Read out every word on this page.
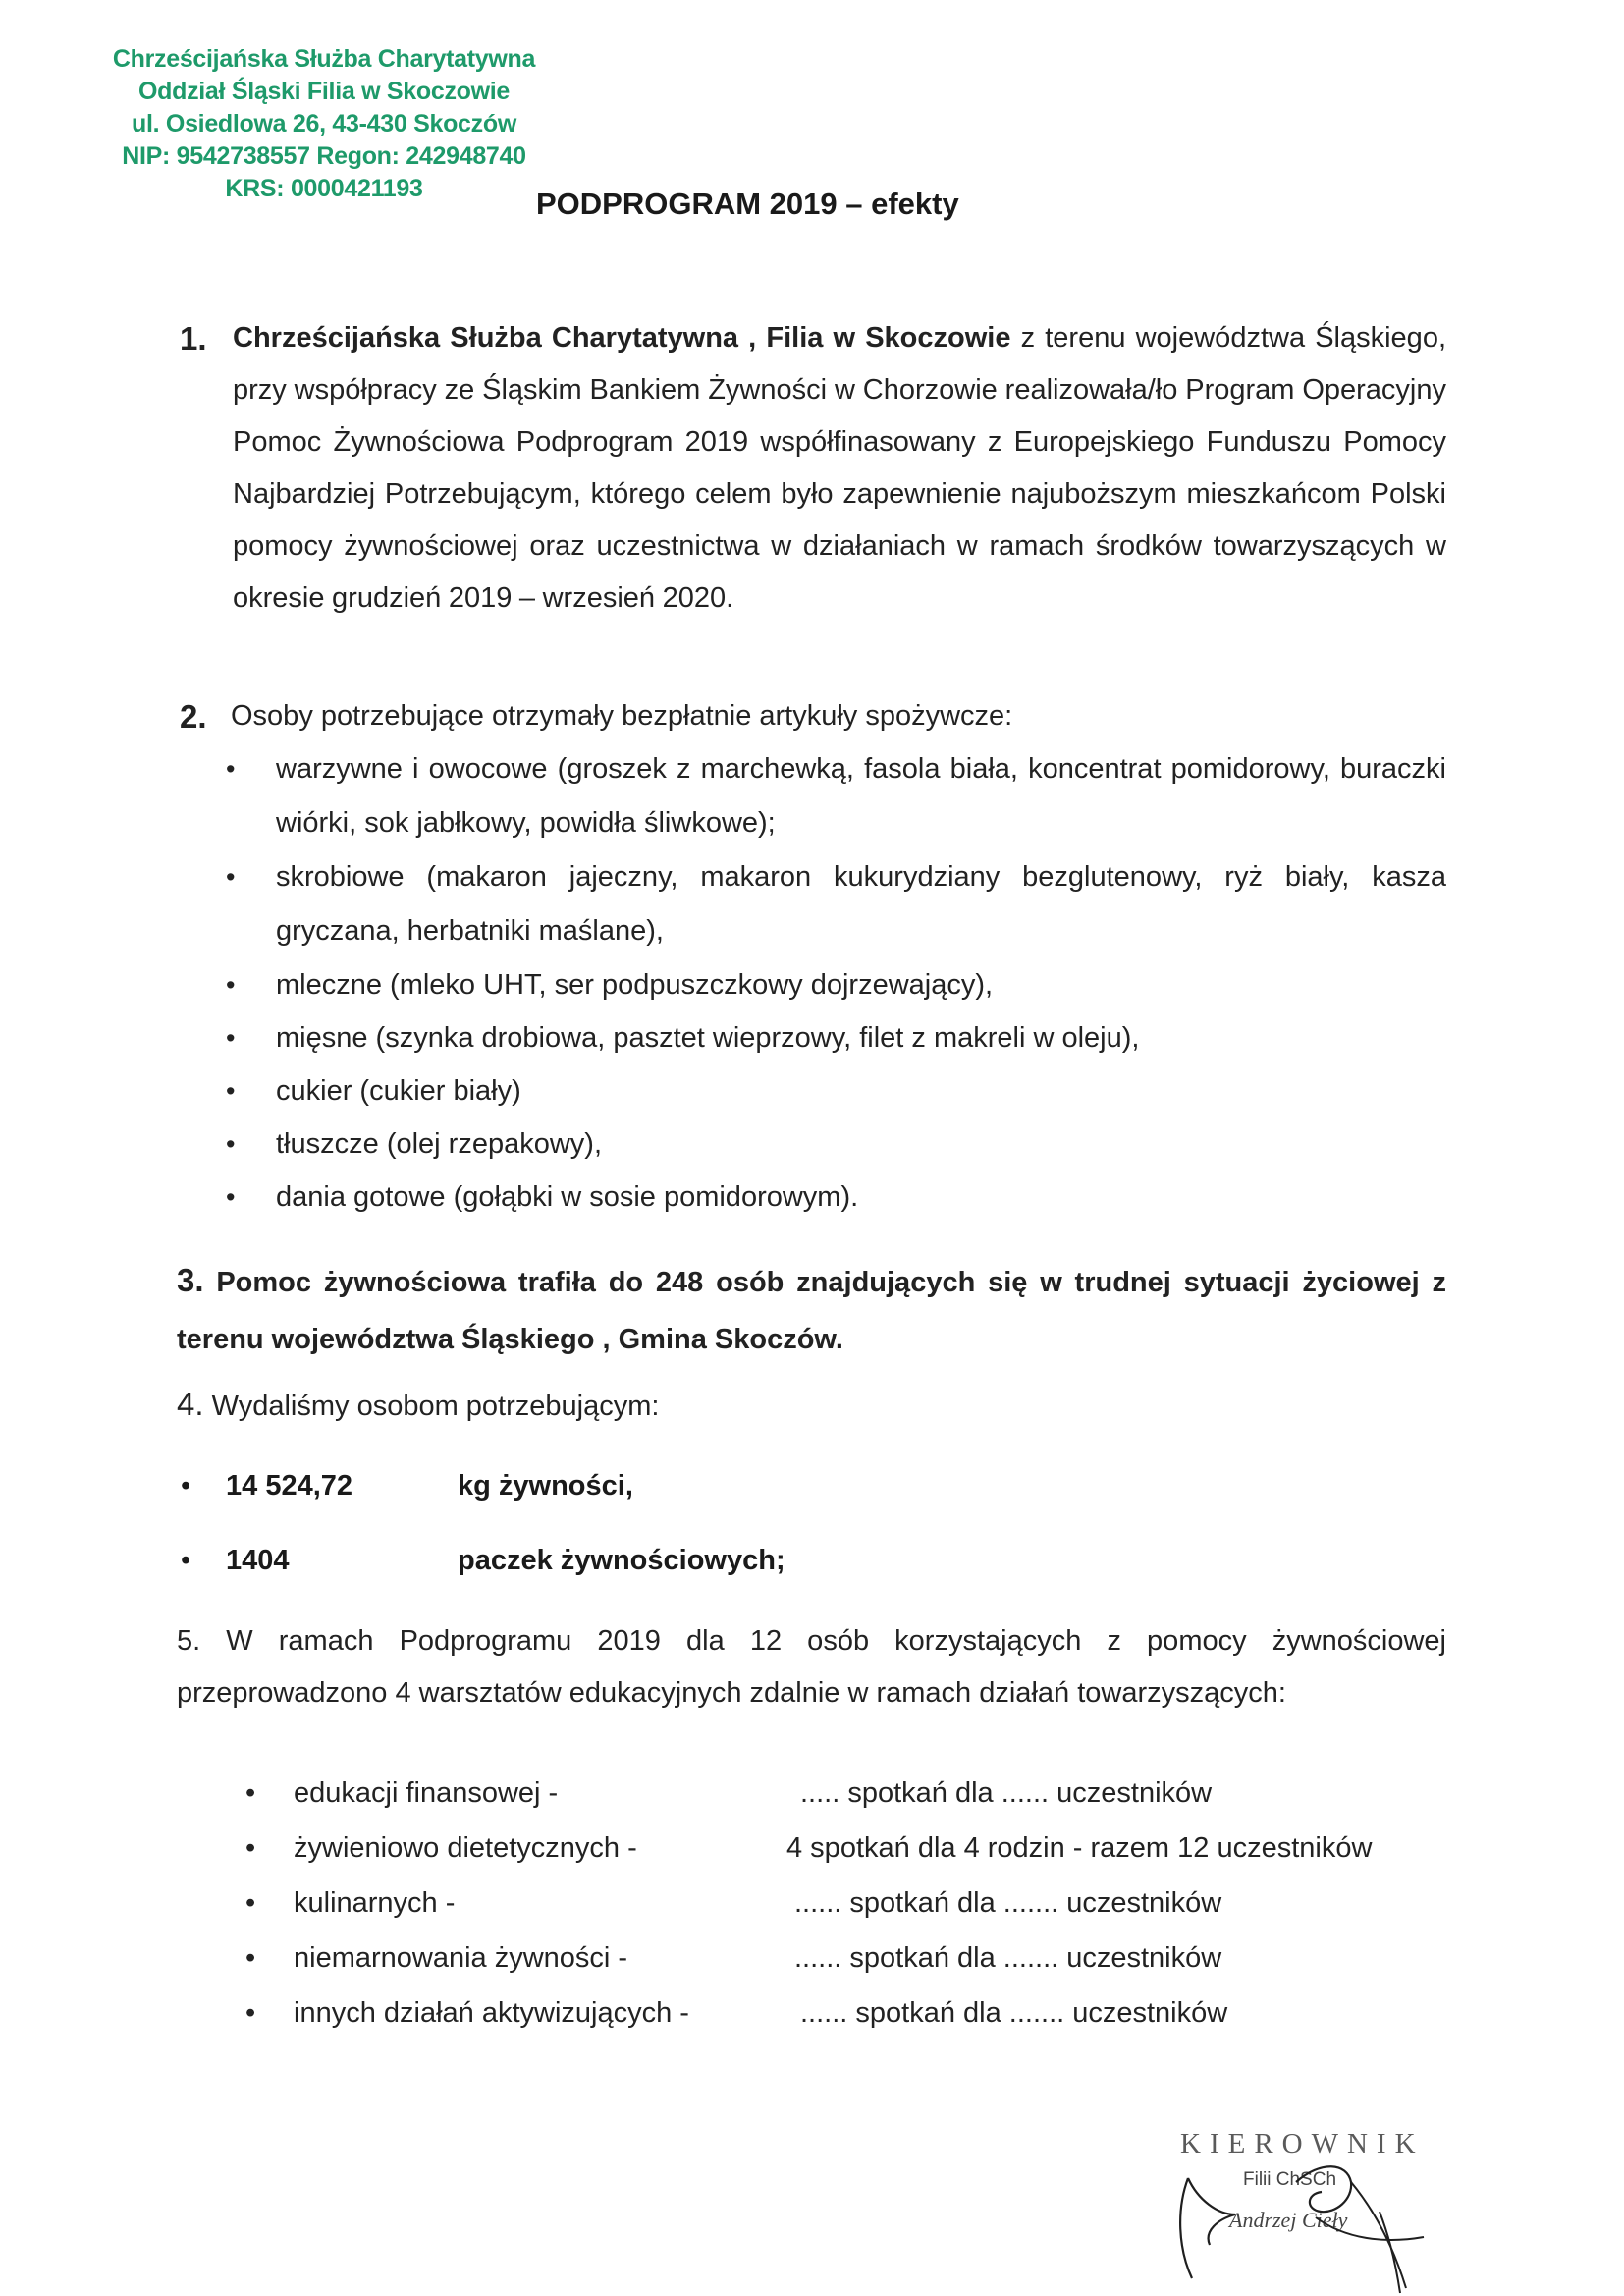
Chrześcijańska Służba Charytatywna
Oddział Śląski Filia w Skoczowie
ul. Osiedlowa 26, 43-430 Skoczów
NIP: 9542738557 Regon: 242948740
KRS: 0000421193	PODPROGRAM 2019 – efekty
1. Chrześcijańska Służba Charytatywna , Filia w Skoczowie z terenu województwa Śląskiego, przy współpracy ze Śląskim Bankiem Żywności w Chorzowie realizowała/ło Program Operacyjny Pomoc Żywnościowa Podprogram 2019 współfinasowany z Europejskiego Funduszu Pomocy Najbardziej Potrzebującym, którego celem było zapewnienie najuboższym mieszkańcom Polski pomocy żywnościowej oraz uczestnictwa w działaniach w ramach środków towarzyszących w okresie grudzień 2019 – wrzesień 2020.
2. Osoby potrzebujące otrzymały bezpłatnie artykuły spożywcze:
• warzywne i owocowe (groszek z marchewką, fasola biała, koncentrat pomidorowy, buraczki wiórki, sok jabłkowy, powidła śliwkowe);
• skrobiowe (makaron jajeczny, makaron kukurydziany bezglutenowy, ryż biały, kasza gryczana, herbatniki maślane),
• mleczne (mleko UHT, ser podpuszczkowy dojrzewający),
• mięsne (szynka drobiowa, pasztet wieprzowy, filet z makreli w oleju),
• cukier (cukier biały)
• tłuszcze (olej rzepakowy),
• dania gotowe (gołąbki w sosie pomidorowym).
3. Pomoc żywnościowa trafiła do 248 osób znajdujących się w trudnej sytuacji życiowej z terenu województwa Śląskiego , Gmina Skoczów.
4. Wydaliśmy osobom potrzebującym:
• 14 524,72	kg żywności,
• 1404	paczek żywnościowych;
5. W ramach Podprogramu 2019 dla 12 osób korzystających z pomocy żywnościowej przeprowadzono 4 warsztatów edukacyjnych zdalnie w ramach działań towarzyszących:
• edukacji finansowej -	..... spotkań dla ...... uczestników
• żywieniowo dietetycznych -	4 spotkań dla 4 rodzin - razem 12 uczestników
• kulinarnych -	...... spotkań dla ....... uczestników
• niemarnowania żywności -	...... spotkań dla ....... uczestników
• innych działań aktywizujących -	...... spotkań dla ....... uczestników
KIEROWNIK
Filii ChSCh
Andrzej Cieły
